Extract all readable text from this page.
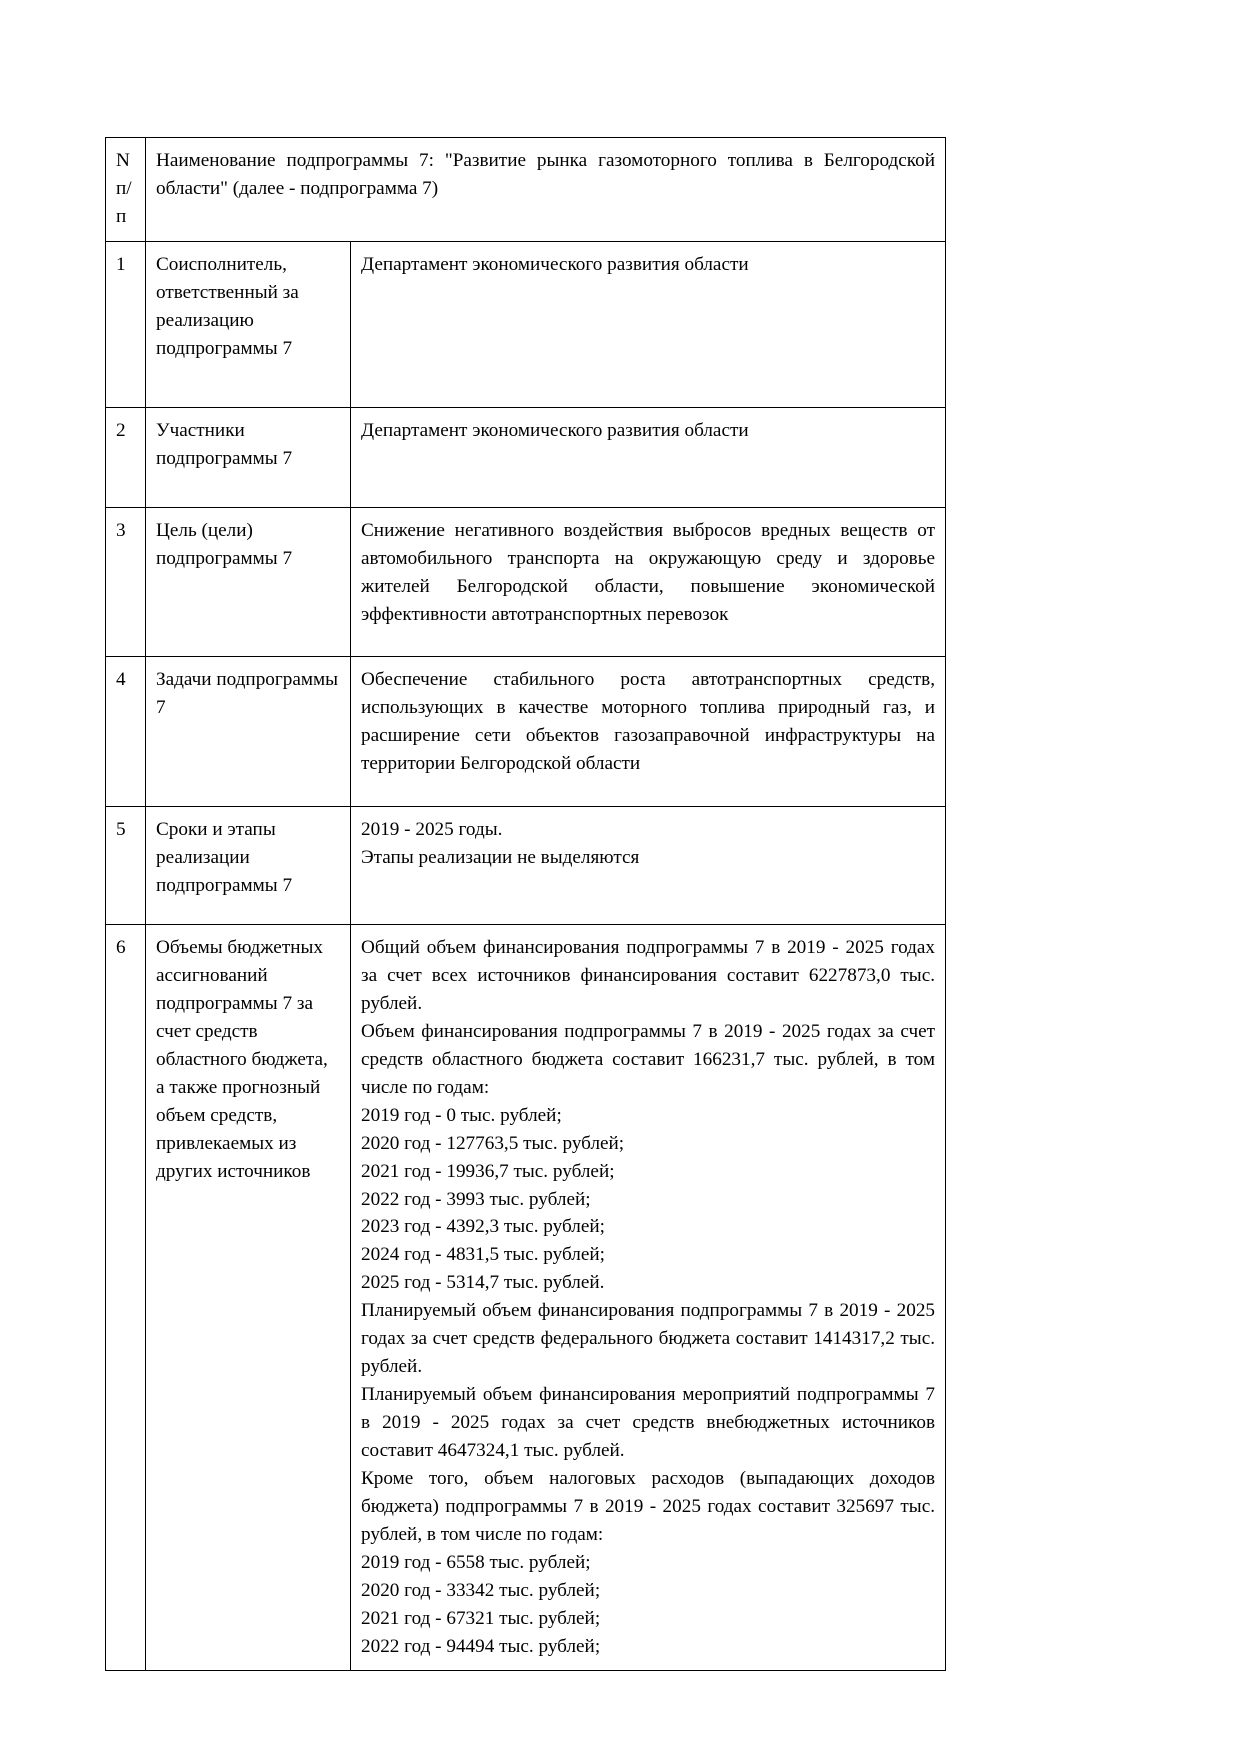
N
п/п	Наименование подпрограммы 7: "Развитие рынка газомоторного топлива в Белгородской области" (далее - подпрограмма 7)	
1	Соисполнитель, ответственный за реализацию подпрограммы 7	Департамент экономического развития области

2	Участники подпрограммы 7	Департамент экономического развития области

3	Цель (цели) подпрограммы 7	Снижение негативного воздействия выбросов вредных веществ от автомобильного транспорта на окружающую среду и здоровье жителей Белгородской области, повышение экономической эффективности автотранспортных перевозок

4	Задачи подпрограммы 7	Обеспечение стабильного роста автотранспортных средств, использующих в качестве моторного топлива природный газ, и расширение сети объектов газозаправочной инфраструктуры на территории Белгородской области

5	Сроки и этапы реализации подпрограммы 7	2019 - 2025 годы.

Этапы реализации не выделяются

6	Объемы бюджетных ассигнований подпрограммы 7 за счет средств областного бюджета, а также прогнозный объем средств, привлекаемых из других источников	

Общий объем финансирования подпрограммы 7 в 2019 - 2025 годах за счет всех источников финансирования составит 6227873,0 тыс. рублей.

Объем финансирования подпрограммы 7 в 2019 - 2025 годах за счет средств областного бюджета составит 166231,7 тыс. рублей, в том числе по годам:

2019 год - 0 тыс. рублей;

2020 год - 127763,5 тыс. рублей;

2021 год - 19936,7 тыс. рублей;

2022 год - 3993 тыс. рублей;

2023 год - 4392,3 тыс. рублей;

2024 год - 4831,5 тыс. рублей;

2025 год - 5314,7 тыс. рублей.

Планируемый объем финансирования подпрограммы 7 в 2019 - 2025 годах за счет средств федерального бюджета составит 1414317,2 тыс. рублей.

Планируемый объем финансирования мероприятий подпрограммы 7 в 2019 - 2025 годах за счет средств внебюджетных источников составит 4647324,1 тыс. рублей.

Кроме того, объем налоговых расходов (выпадающих доходов бюджета) подпрограммы 7 в 2019 - 2025 годах составит 325697 тыс. рублей, в том числе по годам:

2019 год - 6558 тыс. рублей;

2020 год - 33342 тыс. рублей;

2021 год - 67321 тыс. рублей;

2022 год - 94494 тыс. рублей;
